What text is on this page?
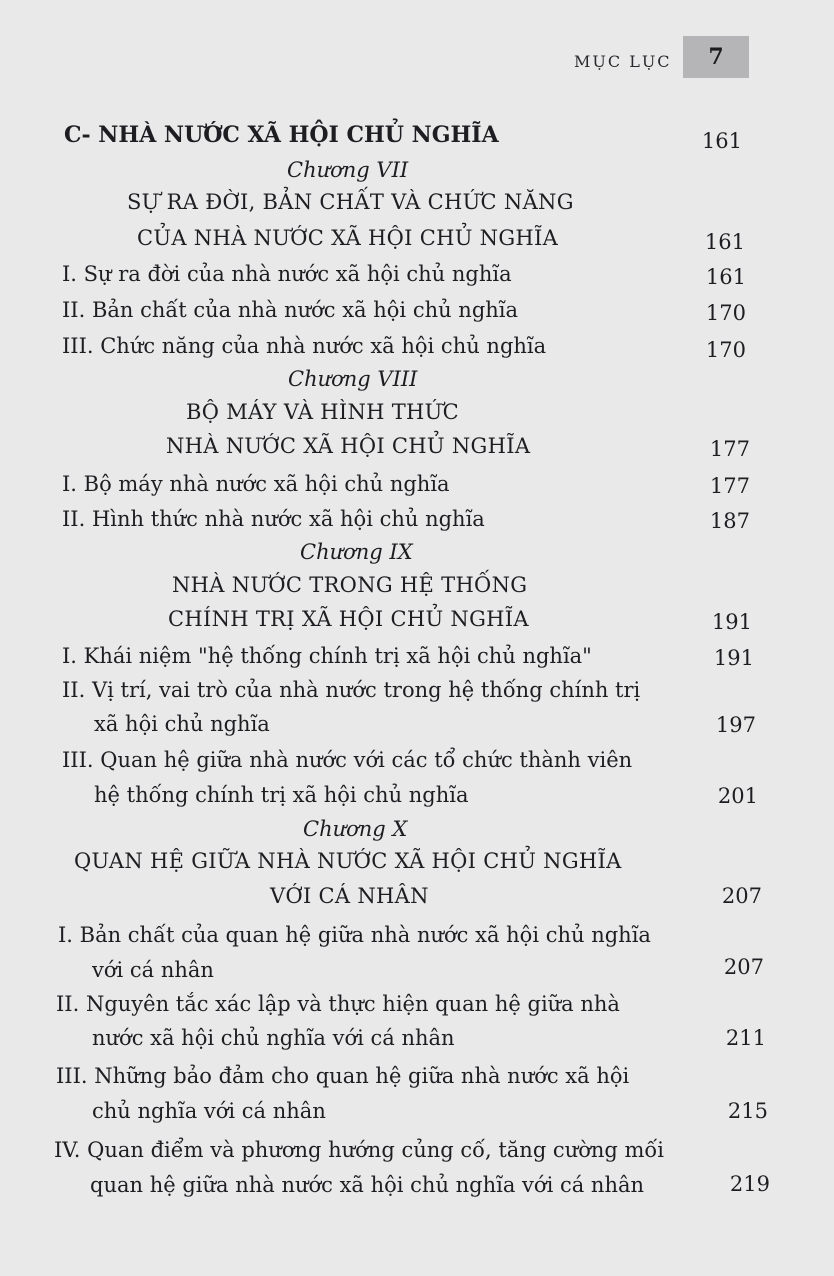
MỤC LỤC 7
C- NHÀ NƯỚC XÃ HỘI CHỦ NGHĨA	161
Chương VII
SỰ RA ĐỜI, BẢN CHẤT VÀ CHỨC NĂNG
CỦA NHÀ NƯỚC XÃ HỘI CHỦ NGHĨA	161
I. Sự ra đời của nhà nước xã hội chủ nghĩa	161
II. Bản chất của nhà nước xã hội chủ nghĩa	170
III. Chức năng của nhà nước xã hội chủ nghĩa	170
Chương VIII
BỘ MÁY VÀ HÌNH THỨC
NHÀ NƯỚC XÃ HỘI CHỦ NGHĨA	177
I. Bộ máy nhà nước xã hội chủ nghĩa	177
II. Hình thức nhà nước xã hội chủ nghĩa	187
Chương IX
NHÀ NƯỚC TRONG HỆ THỐNG
CHÍNH TRỊ XÃ HỘI CHỦ NGHĨA	191
I. Khái niệm "hệ thống chính trị xã hội chủ nghĩa"	191
II. Vị trí, vai trò của nhà nước trong hệ thống chính trị
xã hội chủ nghĩa	197
III. Quan hệ giữa nhà nước với các tổ chức thành viên
hệ thống chính trị xã hội chủ nghĩa	201
Chương X
QUAN HỆ GIỮA NHÀ NƯỚC XÃ HỘI CHỦ NGHĨA
VỚI CÁ NHÂN	207
I. Bản chất của quan hệ giữa nhà nước xã hội chủ nghĩa
với cá nhân	207
II. Nguyên tắc xác lập và thực hiện quan hệ giữa nhà
nước xã hội chủ nghĩa với cá nhân	211
III. Những bảo đảm cho quan hệ giữa nhà nước xã hội
chủ nghĩa với cá nhân	215
IV. Quan điểm và phương hướng củng cố, tăng cường mối
quan hệ giữa nhà nước xã hội chủ nghĩa với cá nhân	219
